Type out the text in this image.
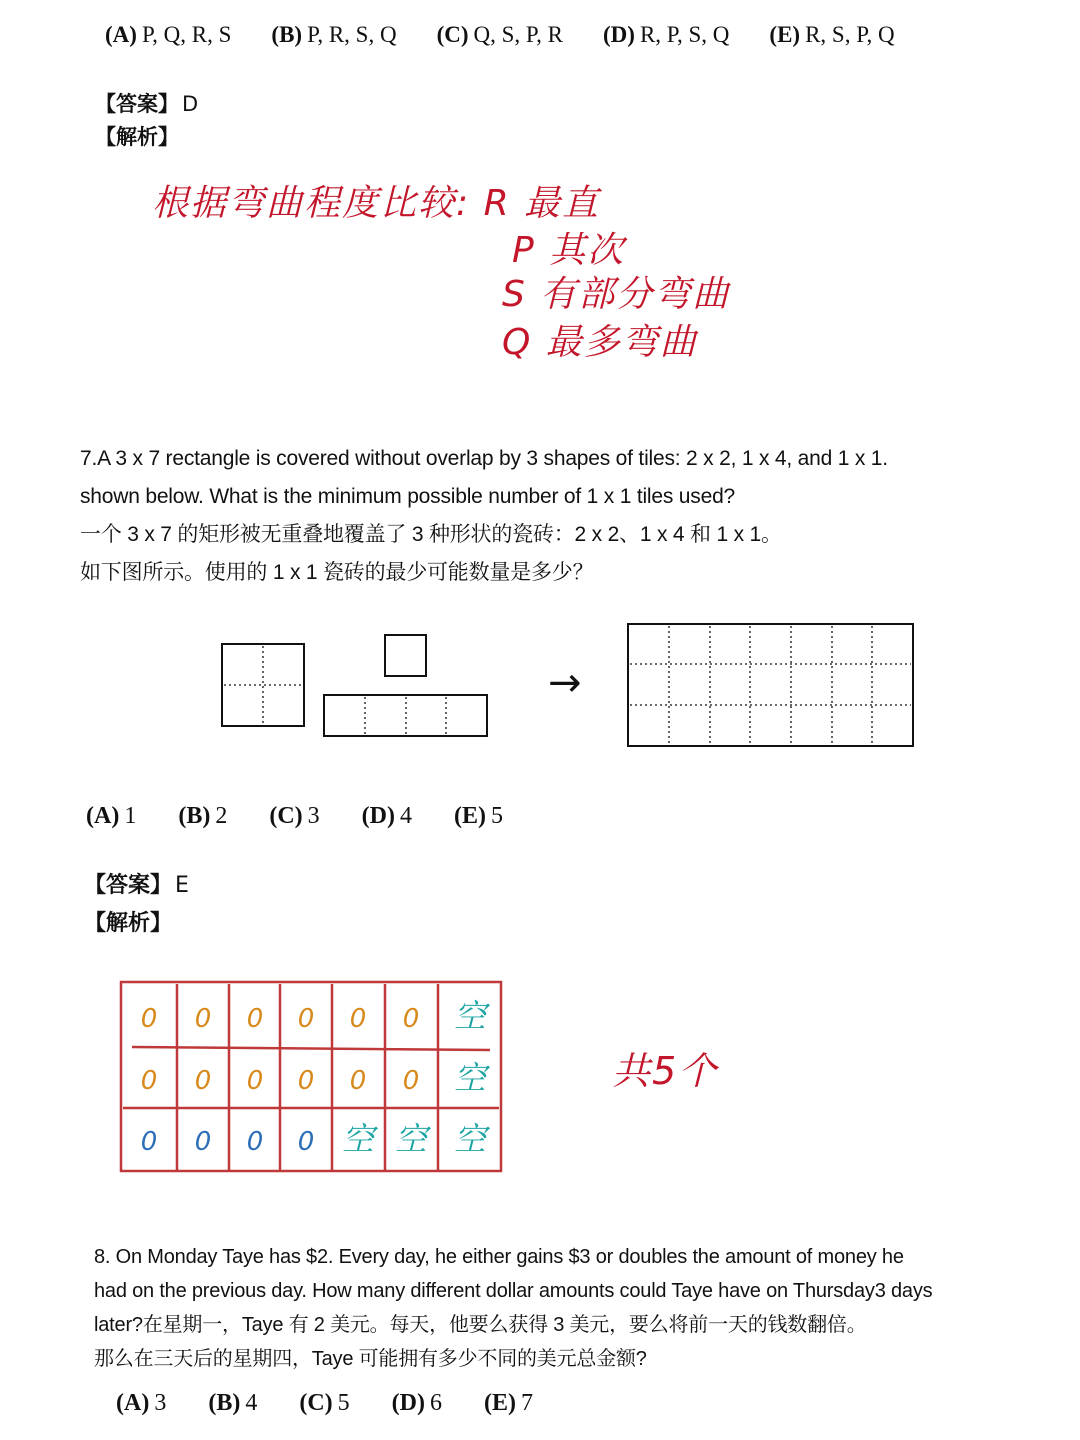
(A) P, Q, R, S (B) P, R, S, Q (C) Q, S, P, R (D) R, P, S, Q (E) R, S, P, Q
【答案】 D
【解析】
根据弯曲程度比较: R 最直
P 其次
S 有部分弯曲
Q 最多弯曲

7.A 3 x 7 rectangle is covered without overlap by 3 shapes of tiles: 2 x 2, 1 x 4, and 1 x 1.

shown below. What is the minimum possible number of 1 x 1 tiles used?

一个 3 x 7 的矩形被无重叠地覆盖了 3 种形状的瓷砖：2 x 2、1 x 4 和 1 x 1。

如下图所示。使用的 1 x 1 瓷砖的最少可能数量是多少？

→
(A) 1 (B) 2 (C) 3 (D) 4 (E) 5
【答案】 E
【解析】
0 0 0 0 0 0 空
0 0 0 0 0 0 空
0 0 0 0 空 空 空
共5个

8. On Monday Taye has $2. Every day, he either gains $3 or doubles the amount of money he

had on the previous day. How many different dollar amounts could Taye have on Thursday3 days

later?在星期一，Taye 有 2 美元。每天，他要么获得 3 美元，要么将前一天的钱数翻倍。

那么在三天后的星期四，Taye 可能拥有多少不同的美元总金额?

(A) 3 (B) 4 (C) 5 (D) 6 (E) 7
